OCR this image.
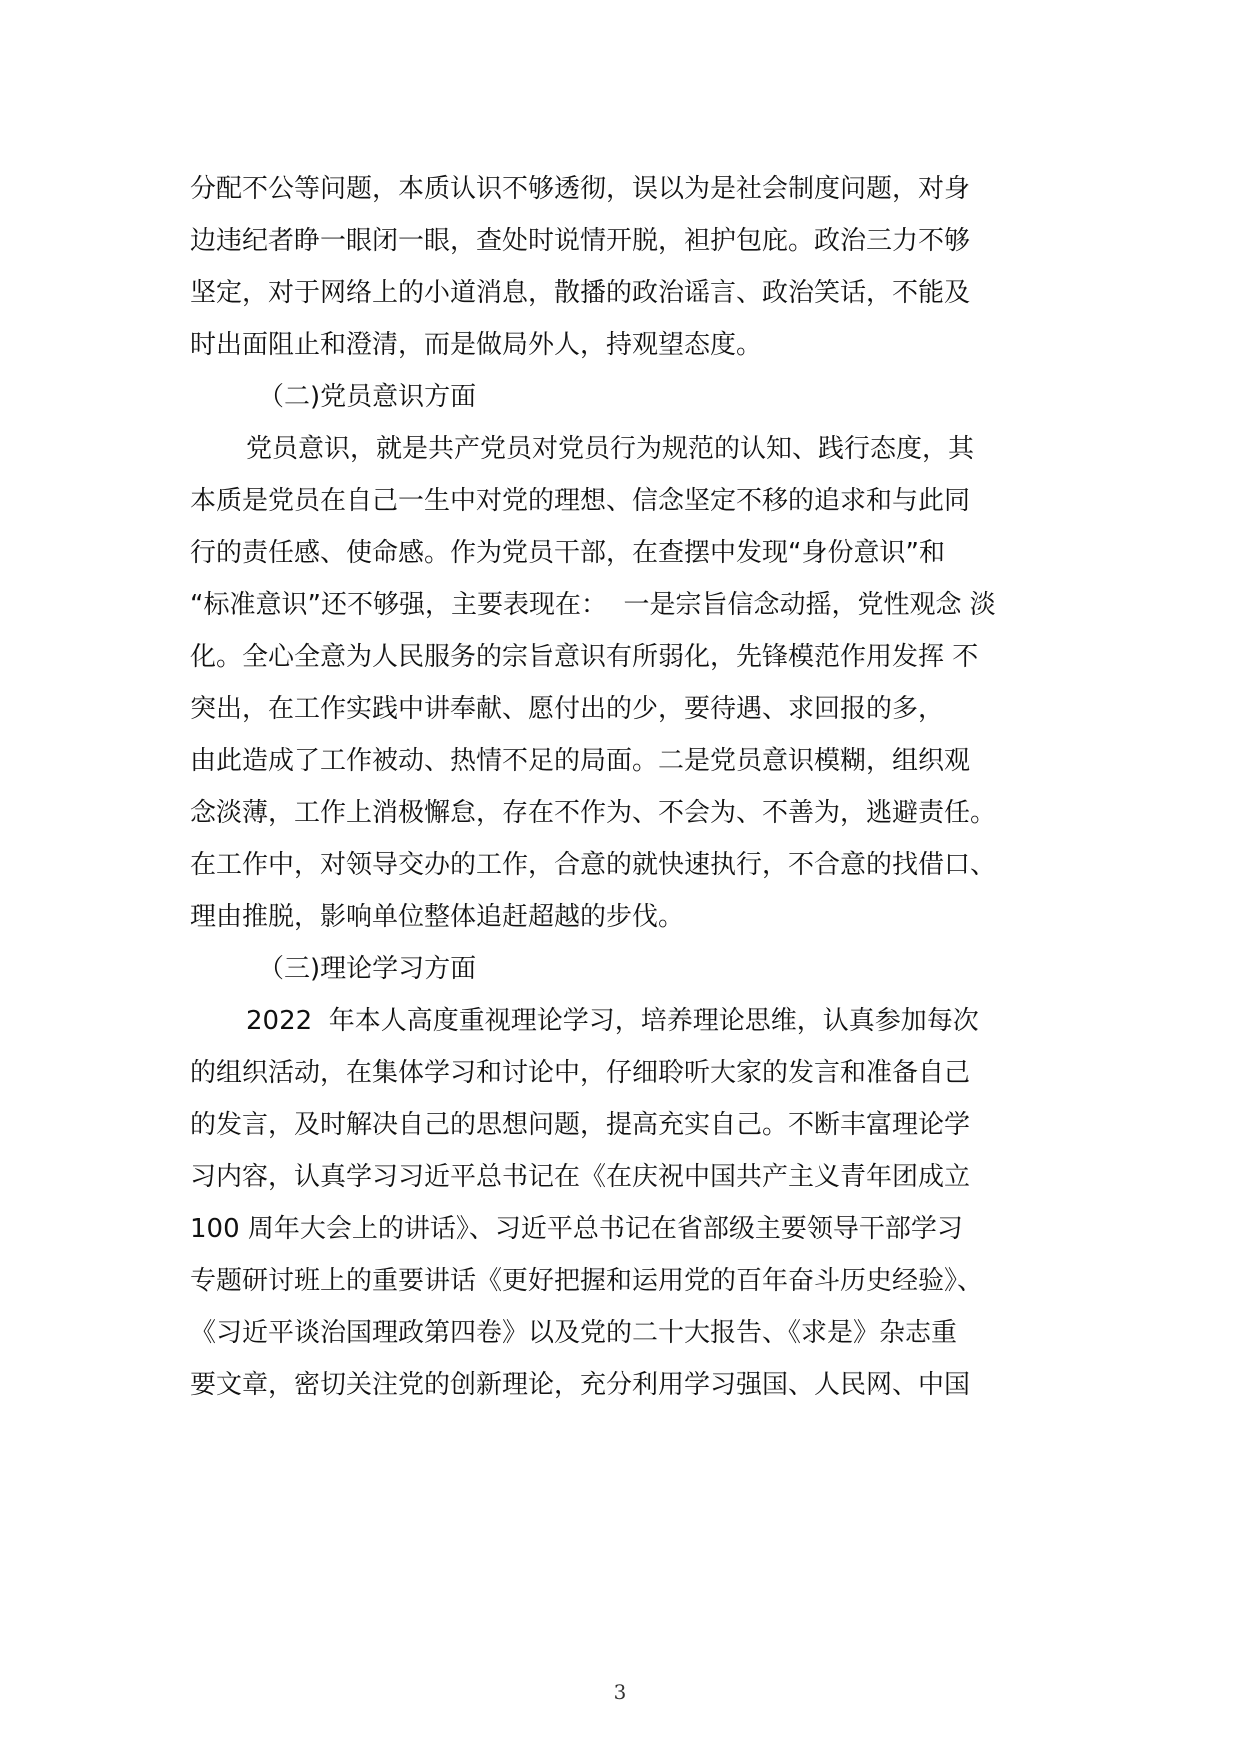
分配不公等问题，本质认识不够透彻，误以为是社会制度问题，对身
边违纪者睁一眼闭一眼，查处时说情开脱，袒护包庇。政治三力不够
坚定，对于网络上的小道消息，散播的政治谣言、政治笑话，不能及
时出面阻止和澄清，而是做局外人，持观望态度。
（二)党员意识方面
党员意识，就是共产党员对党员行为规范的认知、践行态度，其
本质是党员在自己一生中对党的理想、信念坚定不移的追求和与此同
行的责任感、使命感。作为党员干部，在查摆中发现“身份意识”和
“标准意识”还不够强，主要表现在：  一是宗旨信念动摇，党性观念 淡
化。全心全意为人民服务的宗旨意识有所弱化，先锋模范作用发挥 不
突出，在工作实践中讲奉献、愿付出的少，要待遇、求回报的多，
由此造成了工作被动、热情不足的局面。二是党员意识模糊，组织观
念淡薄，工作上消极懈怠，存在不作为、不会为、不善为，逃避责任。
在工作中，对领导交办的工作，合意的就快速执行，不合意的找借口、
理由推脱，影响单位整体追赶超越的步伐。
（三)理论学习方面
2022  年本人高度重视理论学习，培养理论思维，认真参加每次
的组织活动，在集体学习和讨论中，仔细聆听大家的发言和准备自己
的发言，及时解决自己的思想问题，提高充实自己。不断丰富理论学
习内容，认真学习习近平总书记在《在庆祝中国共产主义青年团成立
100 周年大会上的讲话》、习近平总书记在省部级主要领导干部学习
专题研讨班上的重要讲话《更好把握和运用党的百年奋斗历史经验》、
《习近平谈治国理政第四卷》以及党的二十大报告、《求是》杂志重
要文章，密切关注党的创新理论，充分利用学习强国、人民网、中国
3
